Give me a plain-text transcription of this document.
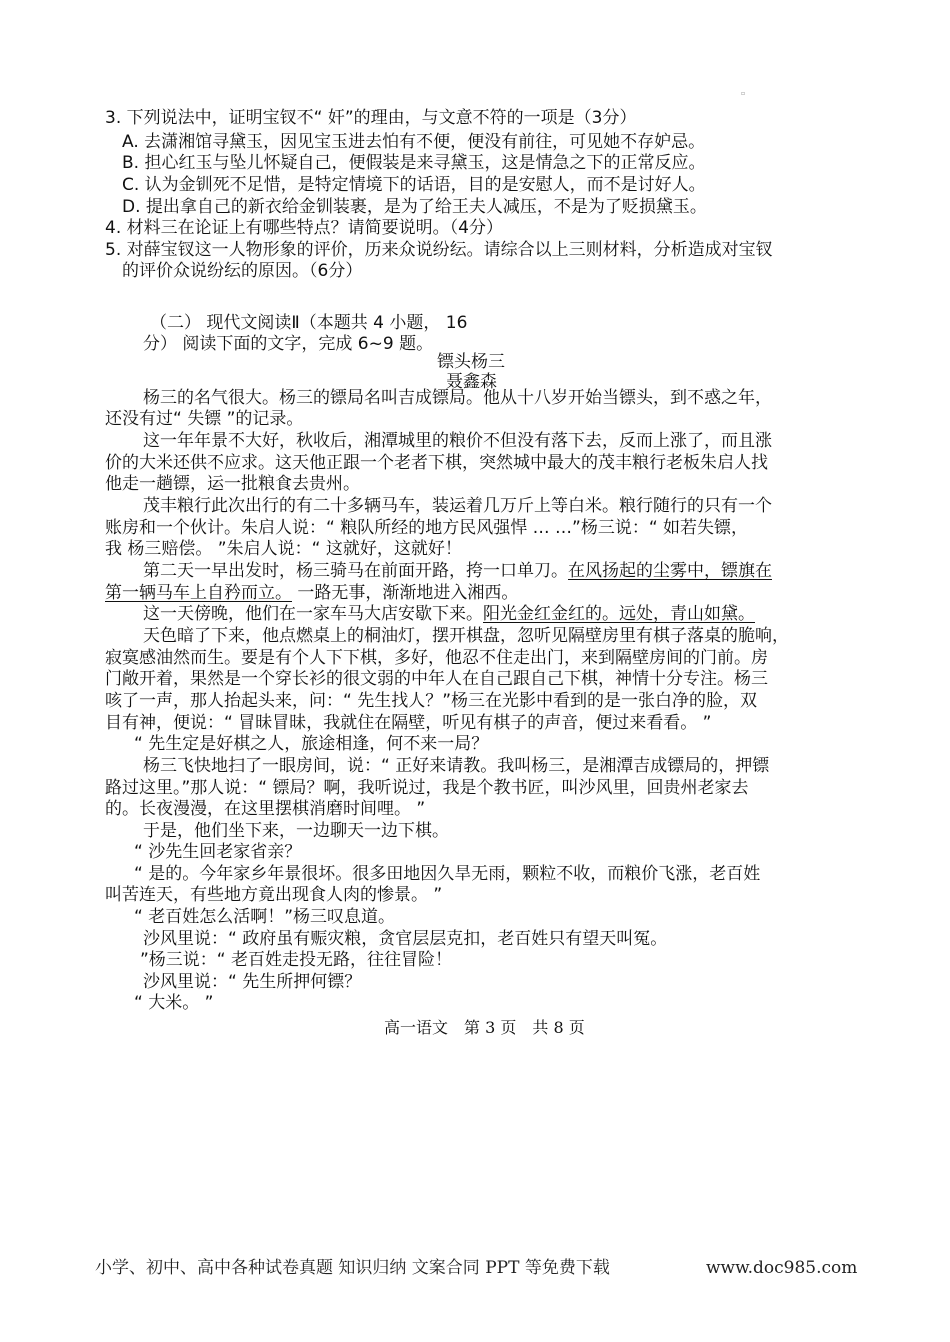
▫
3. 下列说法中，证明宝钗不“ 奸”的理由，与文意不符的一项是（3分）
A. 去潇湘馆寻黛玉，因见宝玉进去怕有不便，便没有前往，可见她不存妒忌。
B. 担心红玉与坠儿怀疑自己，便假装是来寻黛玉，这是情急之下的正常反应。
C. 认为金钏死不足惜，是特定情境下的话语，目的是安慰人，而不是讨好人。
D. 提出拿自己的新衣给金钏装裹，是为了给王夫人减压，不是为了贬损黛玉。
4. 材料三在论证上有哪些特点？请简要说明。（4分）
5. 对薛宝钗这一人物形象的评价，历来众说纷纭。请综合以上三则材料，分析造成对宝钗
的评价众说纷纭的原因。（6分）
（二） 现代文阅读Ⅱ（本题共 4 小题， 16
分） 阅读下面的文字，完成 6~9 题。
镖头杨三
聂鑫森
杨三的名气很大。杨三的镖局名叫吉成镖局。他从十八岁开始当镖头，到不惑之年，
还没有过“ 失镖 ”的记录。
这一年年景不大好，秋收后，湘潭城里的粮价不但没有落下去，反而上涨了，而且涨
价的大米还供不应求。这天他正跟一个老者下棋，突然城中最大的茂丰粮行老板朱启人找
他走一趟镖，运一批粮食去贵州。
茂丰粮行此次出行的有二十多辆马车，装运着几万斤上等白米。粮行随行的只有一个
账房和一个伙计。朱启人说：“ 粮队所经的地方民风强悍 … …”杨三说：“ 如若失镖，
我 杨三赔偿。 ”朱启人说：“ 这就好，这就好！
第二天一早出发时，杨三骑马在前面开路，挎一口单刀。在风扬起的尘雾中，镖旗在
第一辆马车上自矜而立。 一路无事，渐渐地进入湘西。
这一天傍晚，他们在一家车马大店安歇下来。阳光金红金红的。远处，青山如黛。
天色暗了下来，他点燃桌上的桐油灯，摆开棋盘，忽听见隔壁房里有棋子落桌的脆响，
寂寞感油然而生。要是有个人下下棋，多好，他忍不住走出门，来到隔壁房间的门前。房
门敞开着，果然是一个穿长衫的很文弱的中年人在自己跟自己下棋，神情十分专注。杨三
咳了一声，那人抬起头来，问：“ 先生找人？”杨三在光影中看到的是一张白净的脸，双
目有神，便说：“ 冒昧冒昧，我就住在隔壁，听见有棋子的声音，便过来看看。 ”
“ 先生定是好棋之人，旅途相逢，何不来一局？
杨三飞快地扫了一眼房间，说：“ 正好来请教。我叫杨三，是湘潭吉成镖局的，押镖
路过这里。”那人说：“ 镖局？啊，我听说过，我是个教书匠，叫沙风里，回贵州老家去
的。长夜漫漫，在这里摆棋消磨时间哩。 ”
于是，他们坐下来，一边聊天一边下棋。
“ 沙先生回老家省亲？
“ 是的。今年家乡年景很坏。很多田地因久旱无雨，颗粒不收，而粮价飞涨，老百姓
叫苦连天，有些地方竟出现食人肉的惨景。 ”
“ 老百姓怎么活啊！”杨三叹息道。
沙风里说：“ 政府虽有赈灾粮，贪官层层克扣，老百姓只有望天叫冤。
”杨三说：“ 老百姓走投无路，往往冒险！
沙风里说：“ 先生所押何镖？
“ 大米。 ”
高一语文　第 3 页　共 8 页
小学、初中、高中各种试卷真题 知识归纳 文案合同 PPT 等免费下载	www.doc985.com
